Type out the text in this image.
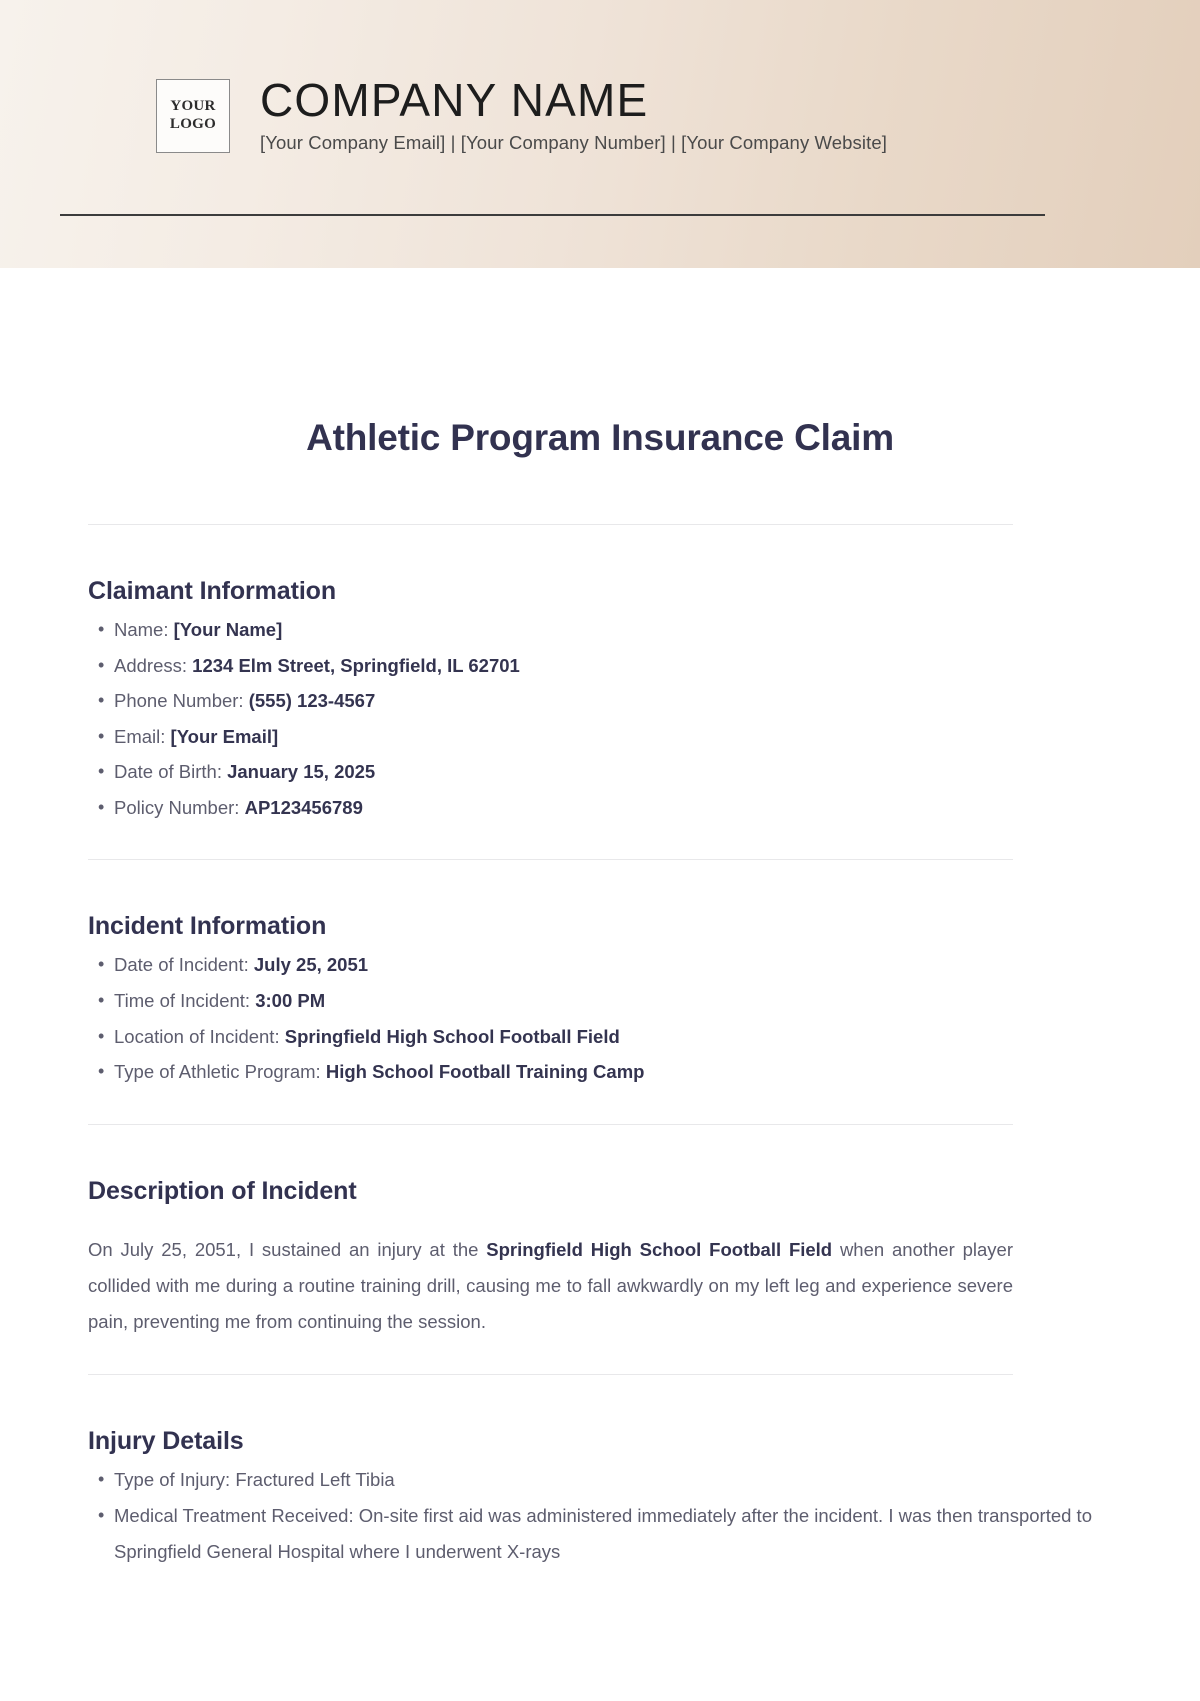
YOUR
LOGO COMPANY NAME
[Your Company Email] | [Your Company Number] | [Your Company Website]
Athletic Program Insurance Claim
Claimant Information
• Name: [Your Name]
• Address: 1234 Elm Street, Springfield, IL 62701
• Phone Number: (555) 123-4567
• Email: [Your Email]
• Date of Birth: January 15, 2025
• Policy Number: AP123456789
Incident Information
• Date of Incident: July 25, 2051
• Time of Incident: 3:00 PM
• Location of Incident: Springfield High School Football Field
• Type of Athletic Program: High School Football Training Camp
Description of Incident

On July 25, 2051, I sustained an injury at the Springfield High School Football Field when another player collided with me during a routine training drill, causing me to fall awkwardly on my left leg and experience severe pain, preventing me from continuing the session.

Injury Details
• Type of Injury: Fractured Left Tibia
• Medical Treatment Received: On-site first aid was administered immediately after the incident. I was then transported to Springfield General Hospital where I underwent X-rays
